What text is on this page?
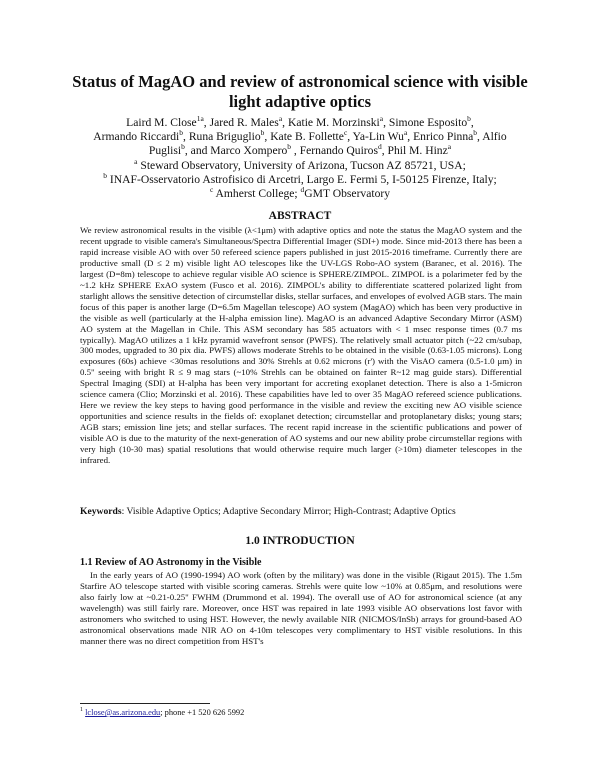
Status of MagAO and review of astronomical science with visible
light adaptive optics
Laird M. Close$^{1a}$, Jared R. Males$^a$, Katie M. Morzinski$^a$, Simone Esposito$^b$,
Armando Riccardi$^b$, Runa Briguglio$^b$, Kate B. Follette$^c$, Ya-Lin Wu$^a$, Enrico Pinna$^b$, Alfio
Puglisi$^b$, and Marco Xompero$^b$ , Fernando Quiros$^d$, Phil M. Hinz$^a$
$^a$ Steward Observatory, University of Arizona, Tucson AZ 85721, USA;
$^b$ INAF-Osservatorio Astrofisico di Arcetri, Largo E. Fermi 5, I-50125 Firenze, Italy;
$^c$ Amherst College; $^d$GMT Observatory
ABSTRACT
We review astronomical results in the visible (λ<1μm) with adaptive optics and note the status the MagAO system and the recent upgrade to visible camera's Simultaneous/Spectra Differential Imager (SDI+) mode. Since mid-2013 there has been a rapid increase visible AO with over 50 refereed science papers published in just 2015-2016 timeframe. Currently there are productive small (D ≤ 2 m) visible light AO telescopes like the UV-LGS Robo-AO system (Baranec, et al. 2016). The largest (D=8m) telescope to achieve regular visible AO science is SPHERE/ZIMPOL. ZIMPOL is a polarimeter fed by the ~1.2 kHz SPHERE ExAO system (Fusco et al. 2016). ZIMPOL's ability to differentiate scattered polarized light from starlight allows the sensitive detection of circumstellar disks, stellar surfaces, and envelopes of evolved AGB stars. The main focus of this paper is another large (D=6.5m Magellan telescope) AO system (MagAO) which has been very productive in the visible as well (particularly at the H-alpha emission line). MagAO is an advanced Adaptive Secondary Mirror (ASM) AO system at the Magellan in Chile. This ASM secondary has 585 actuators with < 1 msec response times (0.7 ms typically). MagAO utilizes a 1 kHz pyramid wavefront sensor (PWFS). The relatively small actuator pitch (~22 cm/subap, 300 modes, upgraded to 30 pix dia. PWFS) allows moderate Strehls to be obtained in the visible (0.63-1.05 microns). Long exposures (60s) achieve <30mas resolutions and 30% Strehls at 0.62 microns (r') with the VisAO camera (0.5-1.0 μm) in 0.5" seeing with bright R ≤ 9 mag stars (~10% Strehls can be obtained on fainter R~12 mag guide stars). Differential Spectral Imaging (SDI) at H-alpha has been very important for accreting exoplanet detection. There is also a 1-5micron science camera (Clio; Morzinski et al. 2016). These capabilities have led to over 35 MagAO refereed science publications. Here we review the key steps to having good performance in the visible and review the exciting new AO visible science opportunities and science results in the fields of: exoplanet detection; circumstellar and protoplanetary disks; young stars; AGB stars; emission line jets; and stellar surfaces. The recent rapid increase in the scientific publications and power of visible AO is due to the maturity of the next-generation of AO systems and our new ability probe circumstellar regions with very high (10-30 mas) spatial resolutions that would otherwise require much larger (>10m) diameter telescopes in the infrared.
Keywords: Visible Adaptive Optics; Adaptive Secondary Mirror; High-Contrast; Adaptive Optics
1.0 INTRODUCTION
1.1 Review of AO Astronomy in the Visible
In the early years of AO (1990-1994) AO work (often by the military) was done in the visible (Rigaut 2015). The 1.5m Starfire AO telescope started with visible scoring cameras. Strehls were quite low ~10% at 0.85μm, and resolutions were also fairly low at ~0.21-0.25" FWHM (Drummond et al. 1994). The overall use of AO for astronomical science (at any wavelength) was still fairly rare. Moreover, once HST was repaired in late 1993 visible AO observations lost favor with astronomers who switched to using HST. However, the newly available NIR (NICMOS/InSb) arrays for ground-based AO astronomical observations made NIR AO on 4-10m telescopes very complimentary to HST visible resolutions. In this manner there was no direct competition from HST's
$^1$ lclose@as.arizona.edu; phone +1 520 626 5992
